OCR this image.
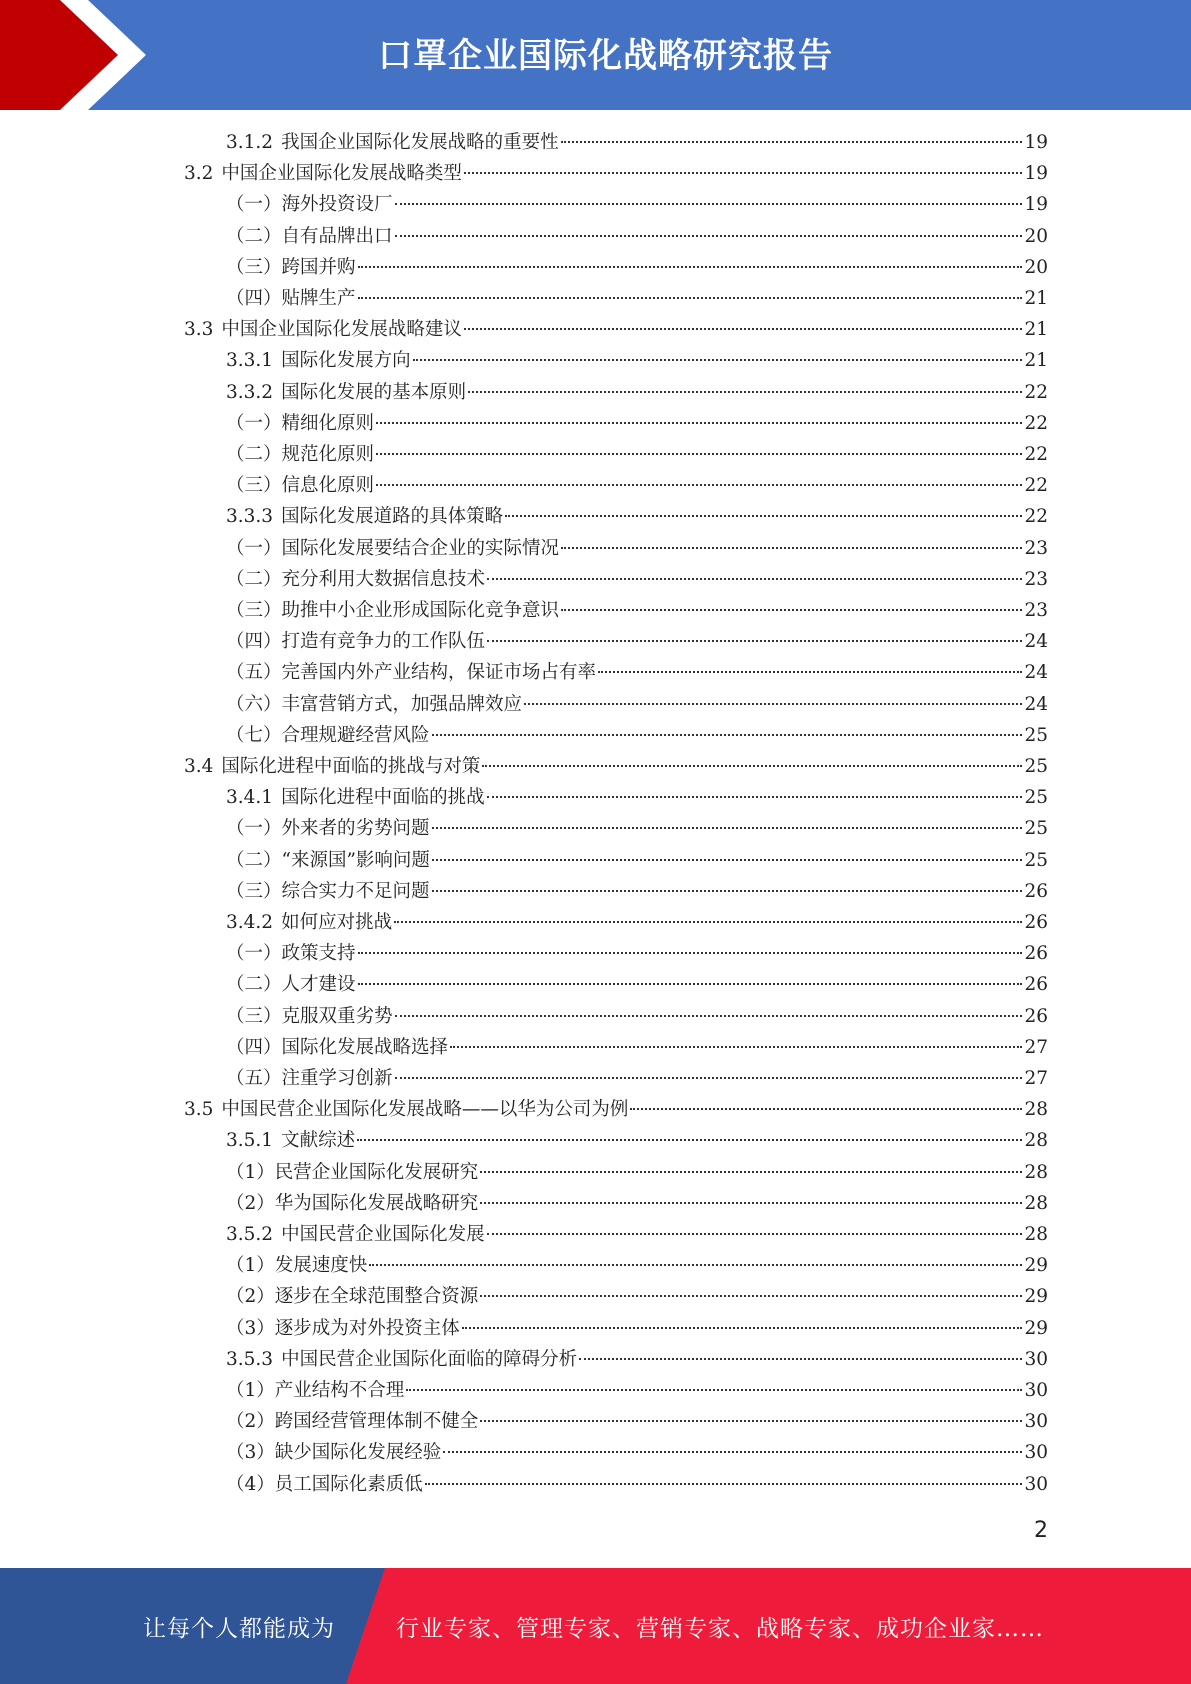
口罩企业国际化战略研究报告
3.1.2 我国企业国际化发展战略的重要性	19
3.2 中国企业国际化发展战略类型	19
（一）海外投资设厂	19
（二）自有品牌出口	20
（三）跨国并购	20
（四）贴牌生产	21
3.3 中国企业国际化发展战略建议	21
3.3.1 国际化发展方向	21
3.3.2 国际化发展的基本原则	22
（一）精细化原则	22
（二）规范化原则	22
（三）信息化原则	22
3.3.3 国际化发展道路的具体策略	22
（一）国际化发展要结合企业的实际情况	23
（二）充分利用大数据信息技术	23
（三）助推中小企业形成国际化竞争意识	23
（四）打造有竞争力的工作队伍	24
（五）完善国内外产业结构，保证市场占有率	24
（六）丰富营销方式，加强品牌效应	24
（七）合理规避经营风险	25
3.4 国际化进程中面临的挑战与对策	25
3.4.1 国际化进程中面临的挑战	25
（一）外来者的劣势问题	25
（二）“来源国”影响问题	25
（三）综合实力不足问题	26
3.4.2 如何应对挑战	26
（一）政策支持	26
（二）人才建设	26
（三）克服双重劣势	26
（四）国际化发展战略选择	27
（五）注重学习创新	27
3.5 中国民营企业国际化发展战略——以华为公司为例	28
3.5.1 文献综述	28
（1）民营企业国际化发展研究	28
（2）华为国际化发展战略研究	28
3.5.2 中国民营企业国际化发展	28
（1）发展速度快	29
（2）逐步在全球范围整合资源	29
（3）逐步成为对外投资主体	29
3.5.3 中国民营企业国际化面临的障碍分析	30
（1）产业结构不合理	30
（2）跨国经营管理体制不健全	30
（3）缺少国际化发展经验	30
（4）员工国际化素质低	30
2
让每个人都能成为	行业专家、管理专家、营销专家、战略专家、成功企业家……
